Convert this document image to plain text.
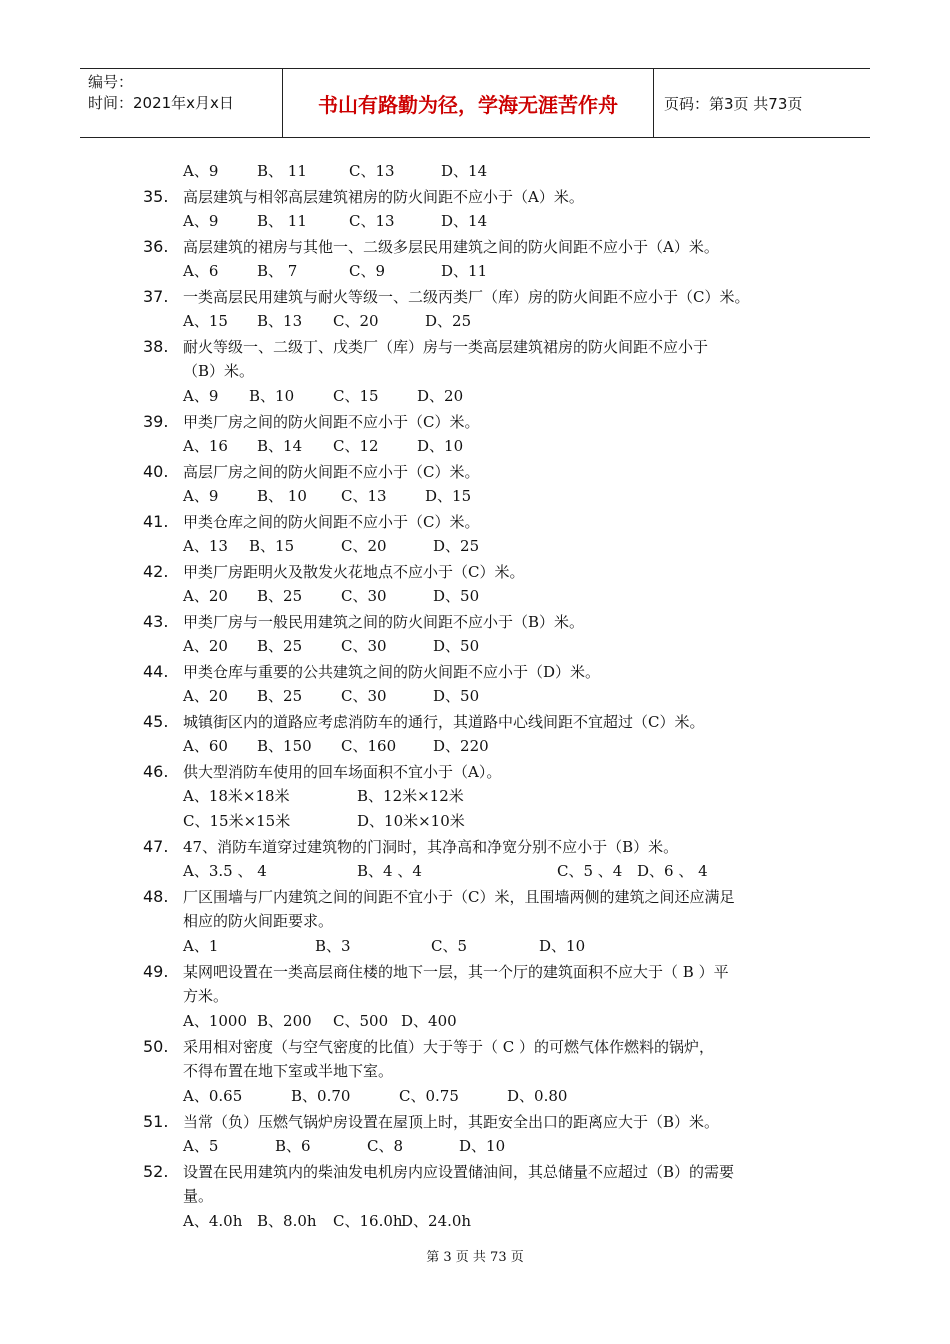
编号：
时间：2021年x月x日	书山有路勤为径，学海无涯苦作舟	页码：第3页 共73页
A、9	B、 11	C、13	D、14
35. 高层建筑与相邻高层建筑裙房的防火间距不应小于（A）米。
A、9	B、 11	C、13	D、14
36. 高层建筑的裙房与其他一、二级多层民用建筑之间的防火间距不应小于（A）米。
A、6	B、 7	C、9	D、11
37. 一类高层民用建筑与耐火等级一、二级丙类厂（库）房的防火间距不应小于（C）米。
A、15 B、13 C、20	D、25
38. 耐火等级一、二级丁、戊类厂（库）房与一类高层建筑裙房的防火间距不应小于
（B）米。
A、9 B、10	C、15	D、20
39. 甲类厂房之间的防火间距不应小于（C）米。
A、16 B、14 C、12	D、10
40. 高层厂房之间的防火间距不应小于（C）米。
A、9	B、 10 C、13	D、15
41. 甲类仓库之间的防火间距不应小于（C）米。
A、13 B、15	C、20	D、25
42. 甲类厂房距明火及散发火花地点不应小于（C）米。
A、20 B、25	C、30	D、50
43. 甲类厂房与一般民用建筑之间的防火间距不应小于（B）米。
A、20 B、25	C、30	D、50
44. 甲类仓库与重要的公共建筑之间的防火间距不应小于（D）米。
A、20 B、25	C、30	D、50
45. 城镇街区内的道路应考虑消防车的通行，其道路中心线间距不宜超过（C）米。
A、60 B、150 C、160 D、220
46. 供大型消防车使用的回车场面积不宜小于（A）。
A、18米×18米	B、12米×12米
C、15米×15米	D、10米×10米
47. 47、消防车道穿过建筑物的门洞时，其净高和净宽分别不应小于（B）米。
A、3.5 、 4	B、4 、4	C、5 、4 D、6 、 4
48. 厂区围墙与厂内建筑之间的间距不宜小于（C）米，且围墙两侧的建筑之间还应满足
相应的防火间距要求。
A、1	B、3	C、5	D、10
49. 某网吧设置在一类高层商住楼的地下一层，其一个厅的建筑面积不应大于（ B ）平
方米。
A、1000 B、200 C、500 D、400
50. 采用相对密度（与空气密度的比值）大于等于（ C ）的可燃气体作燃料的锅炉，
不得布置在地下室或半地下室。
A、0.65	B、0.70	C、0.75	D、0.80
51. 当常（负）压燃气锅炉房设置在屋顶上时，其距安全出口的距离应大于（B）米。
A、5	B、6	C、8	D、10
52. 设置在民用建筑内的柴油发电机房内应设置储油间，其总储量不应超过（B）的需要
量。
A、4.0h B、8.0h C、16.0hD、24.0h
第 3 页 共 73 页
